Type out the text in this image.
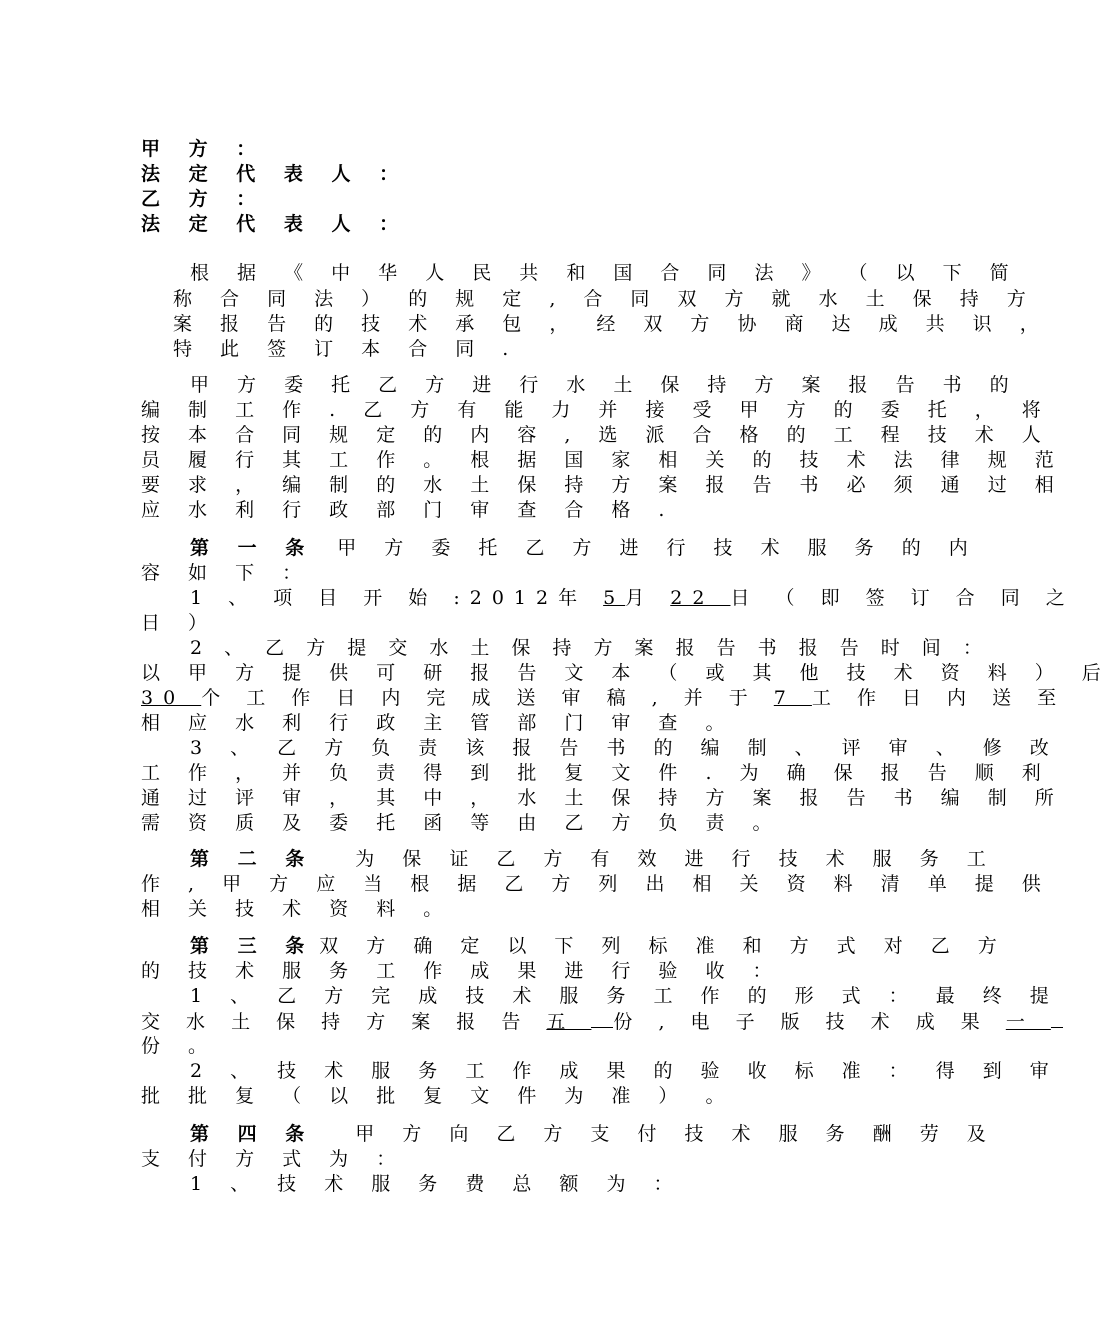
甲 方 ：
法 定 代 表 人 ：
乙 方 ：
法 定 代 表 人 ：
根 据 《 中 华 人 民 共 和 国 合 同 法 》 （ 以 下 简
称 合 同 法 ） 的 规 定 , 合 同 双 方 就 水 土 保 持 方
案 报 告 的 技 术 承 包 ， 经 双 方 协 商 达 成 共 识 ，
特 此 签 订 本 合 同 .
甲 方 委 托 乙 方 进 行 水 土 保 持 方 案 报 告 书 的
编 制 工 作 . 乙 方 有 能 力 并 接 受 甲 方 的 委 托 ， 将
按 本 合 同 规 定 的 内 容 , 选 派 合 格 的 工 程 技 术 人
员 履 行 其 工 作 。 根 据 国 家 相 关 的 技 术 法 律 规 范
要 求 ， 编 制 的 水 土 保 持 方 案 报 告 书 必 须 通 过 相
应 水 利 行 政 部 门 审 查 合 格 .
第 一 条 甲 方 委 托 乙 方 进 行 技 术 服 务 的 内
容 如 下 ：
1 、 项 目 开 始 :2012年 5月 22 日 （ 即 签 订 合 同 之
日 ）
2 、 乙 方 提 交 水 土 保 持 方 案 报 告 书 报 告 时 间 ：
以 甲 方 提 供 可 研 报 告 文 本 （ 或 其 他 技 术 资 料 ） 后
30 个 工 作 日 内 完 成 送 审 稿 , 并 于 7 工 作 日 内 送 至
相 应 水 利 行 政 主 管 部 门 审 查 。
3 、 乙 方 负 责 该 报 告 书 的 编 制 、 评 审 、 修 改
工 作 ， 并 负 责 得 到 批 复 文 件 . 为 确 保 报 告 顺 利
通 过 评 审 ， 其 中 ， 水 土 保 持 方 案 报 告 书 编 制 所
需 资 质 及 委 托 函 等 由 乙 方 负 责 。
第 二 条 为 保 证 乙 方 有 效 进 行 技 术 服 务 工
作 , 甲 方 应 当 根 据 乙 方 列 出 相 关 资 料 清 单 提 供
相 关 技 术 资 料 。
第 三 条 双 方 确 定 以 下 列 标 准 和 方 式 对 乙 方
的 技 术 服 务 工 作 成 果 进 行 验 收 ：
1 、 乙 方 完 成 技 术 服 务 工 作 的 形 式 ： 最 终 提
交 水 土 保 持 方 案 报 告 五 份 , 电 子 版 技 术 成 果 一
份 。
2 、 技 术 服 务 工 作 成 果 的 验 收 标 准 ： 得 到 审
批 批 复 （ 以 批 复 文 件 为 准 ） 。
第 四 条 甲 方 向 乙 方 支 付 技 术 服 务 酬 劳 及
支 付 方 式 为 ：
1 、 技 术 服 务 费 总 额 为 ：
